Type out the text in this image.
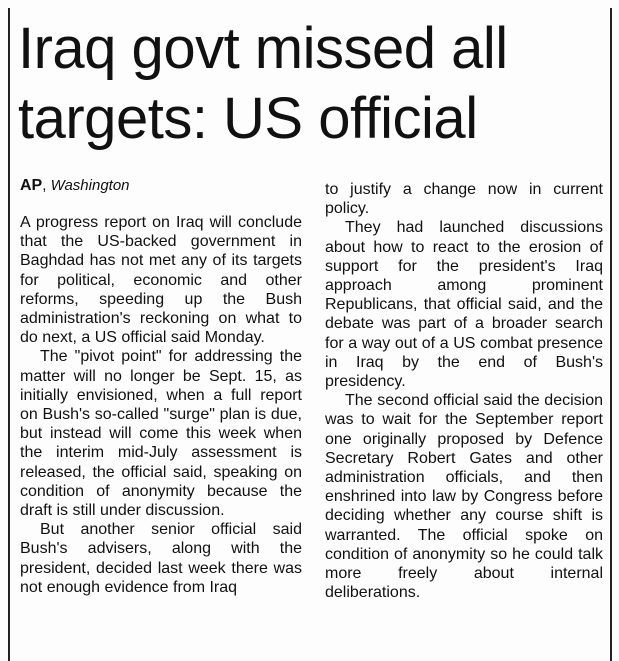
Iraq govt missed all
targets: US official
AP, Washington

A progress report on Iraq will conclude that the US-backed government in Baghdad has not met any of its targets for political, economic and other reforms, speeding up the Bush administration's reckoning on what to do next, a US official said Monday.

The "pivot point" for addressing the matter will no longer be Sept. 15, as initially envisioned, when a full report on Bush's so-called "surge" plan is due, but instead will come this week when the interim mid-July assessment is released, the official said, speaking on condition of anonymity because the draft is still under discussion.

But another senior official said Bush's advisers, along with the president, decided last week there was not enough evidence from Iraq

to justify a change now in current policy.

They had launched discussions about how to react to the erosion of support for the president's Iraq approach among prominent Republicans, that official said, and the debate was part of a broader search for a way out of a US combat presence in Iraq by the end of Bush's presidency.

The second official said the decision was to wait for the September report one originally proposed by Defence Secretary Robert Gates and other administration officials, and then enshrined into law by Congress before deciding whether any course shift is warranted. The official spoke on condition of anonymity so he could talk more freely about internal deliberations.
